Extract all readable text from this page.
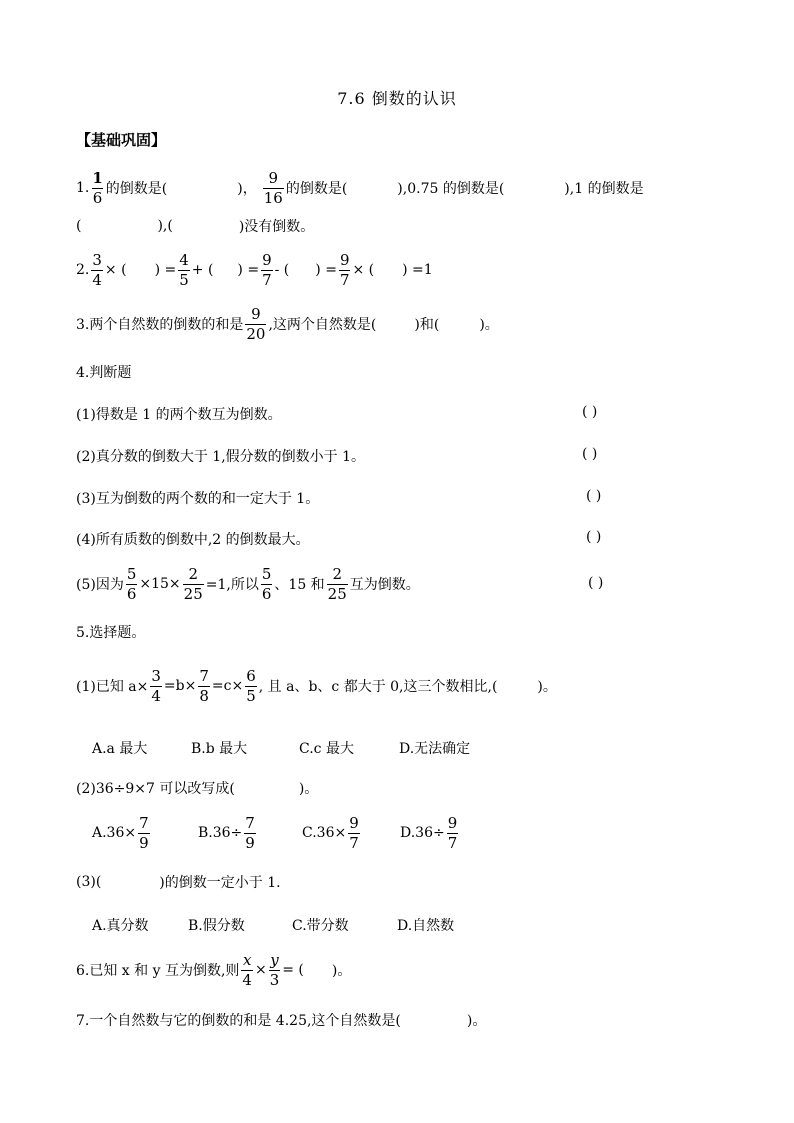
7.6 倒数的认识
【基础巩固】
1. $\frac{1}{6}$ 的倒数是(	)， $\frac{9}{16}$ 的倒数是(	),0.75 的倒数是(	),1 的倒数是
(	),(	)没有倒数。
2. $\frac{3}{4}$ × ( ) = $\frac{4}{5}$ + ( ) = $\frac{9}{7}$ - ( ) = $\frac{9}{7}$ × ( ) =1
3.两个自然数的倒数的和是 $\frac{9}{20}$ ,这两个自然数是(	)和(	)。
4.判断题
(1)得数是 1 的两个数互为倒数。	( )
(2)真分数的倒数大于 1,假分数的倒数小于 1。	( )
(3)互为倒数的两个数的和一定大于 1。	( )
(4)所有质数的倒数中,2 的倒数最大。	( )
(5)因为 $\frac{5}{6} \times 15\times \frac{2}{25} =1$,所以 $\frac{5}{6}$ 、15 和 $\frac{2}{25}$ 互为倒数。	( )
5.选择题。
(1)已知 $a\times \frac{3}{4} =b\times \frac{7}{8} =c\times \frac{6}{5}$ , 且 a、b、c 都大于 0,这三个数相比,(	)。
A.a 最大	B.b 最大	C.c 最大	D.无法确定
(2)36÷9×7 可以改写成(	)。
$A.36\times \frac{7}{9}$	$B.36\div \frac{7}{9}$	$C.36\times \frac{9}{7}$	$D.36\div \frac{9}{7}$
(3)(	)的倒数一定小于 1.
A.真分数	B.假分数	C.带分数	D.自然数
6.已知 x 和 y 互为倒数,则 $\frac{x}{4} \times \frac{y}{3}$ = ( )。
7.一个自然数与它的倒数的和是 4.25,这个自然数是(	)。
